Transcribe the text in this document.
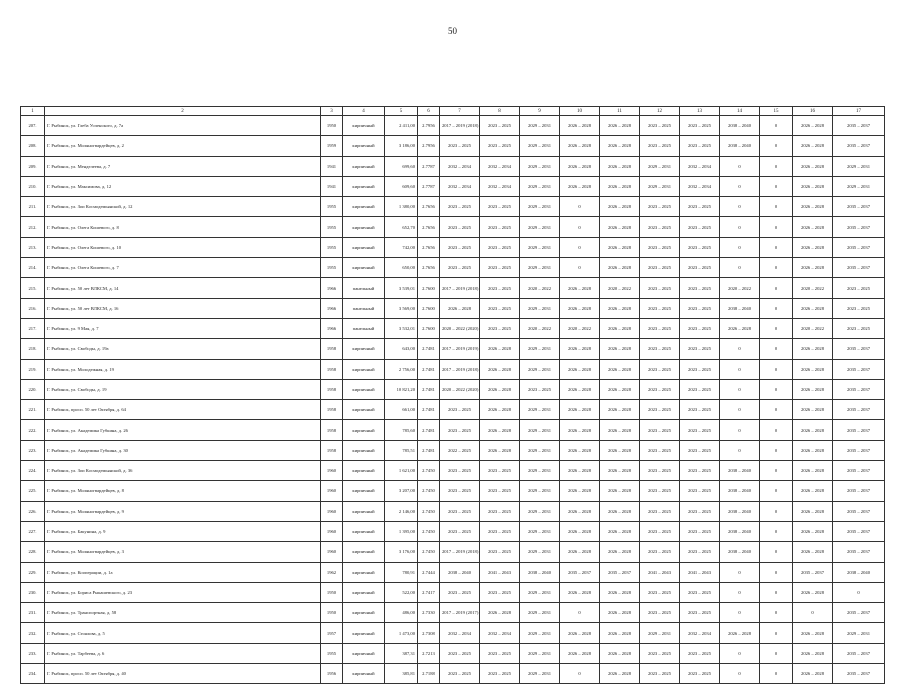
50
1	2	3	4	5	6	7	8	9	10	11	12	13	14	15	16	17
207.	Г. Рыбинск, ул. Глеба Успенского, д. 7а	1950	кирпичный	2 411,00	2.7956	2017 – 2019 (2018)	2023 – 2025	2029 – 2031	2026 – 2028	2026 – 2028	2023 – 2025	2023 – 2025	2038 – 2040	0	2026 – 2028	2035 – 2037
208.	Г. Рыбинск, ул. Моляногвардейцев, д. 2	1959	кирпичный	3 186,00	2.7956	2023 – 2025	2023 – 2025	2029 – 2031	2026 – 2028	2026 – 2028	2023 – 2025	2023 – 2025	2038 – 2040	0	2026 – 2028	2035 – 2037
209.	Г. Рыбинск, ул. Менделеева, д. 7	1941	кирпичный	699,60	2.7787	2032 – 2034	2032 – 2034	2029 – 2031	2026 – 2028	2026 – 2028	2029 – 2031	2032 – 2034	0	0	2026 – 2028	2029 – 2031
210.	Г. Рыбинск, ул. Максимова, д. 12	1941	кирпичный	609,60	2.7787	2032 – 2034	2032 – 2034	2029 – 2031	2026 – 2028	2026 – 2028	2029 – 2031	2032 – 2034	0	0	2026 – 2028	2029 – 2031
211.	Г. Рыбинск, ул. Зои Космодемьянской, д. 12	1955	кирпичный	1 380,00	2.7656	2023 – 2025	2023 – 2025	2029 – 2031	0	2026 – 2028	2023 – 2025	2023 – 2025	0	0	2026 – 2028	2035 – 2037
212.	Г. Рыбинск, ул. Олега Кошевого, д. 8	1955	кирпичный	652,70	2.7656	2023 – 2025	2023 – 2025	2029 – 2031	0	2026 – 2028	2023 – 2025	2023 – 2025	0	0	2026 – 2028	2035 – 2037
213.	Г. Рыбинск, ул. Олега Кошевого, д. 10	1955	кирпичный	742,00	2.7656	2023 – 2025	2023 – 2025	2029 – 2031	0	2026 – 2028	2023 – 2025	2023 – 2025	0	0	2026 – 2028	2035 – 2037
214.	Г. Рыбинск, ул. Олега Кошевого, д. 7	1955	кирпичный	650,00	2.7656	2023 – 2025	2023 – 2025	2029 – 2031	0	2026 – 2028	2023 – 2025	2023 – 2025	0	0	2026 – 2028	2035 – 2037
215.	Г. Рыбинск, ул. 50 лет ВЛКСМ, д. 14	1966	панельный	3 539,01	2.7600	2017 – 2019 (2018)	2023 – 2025	2020 – 2022	2026 – 2028	2020 – 2022	2023 – 2025	2023 – 2025	2020 – 2022	0	2020 – 2022	2023 – 2025
216.	Г. Рыбинск, ул. 50 лет ВЛКСМ, д. 16	1966	панельный	3 569,00	2.7600	2026 – 2028	2023 – 2025	2029 – 2031	2026 – 2028	2026 – 2028	2023 – 2025	2023 – 2025	2038 – 2040	0	2026 – 2028	2023 – 2025
217.	Г. Рыбинск, ул. 9 Мая, д. 7	1966	панельный	3 532,01	2.7600	2020 – 2022 (2020)	2023 – 2025	2020 – 2022	2020 – 2022	2026 – 2028	2023 – 2025	2023 – 2025	2026 – 2028	0	2020 – 2022	2023 – 2025
218.	Г. Рыбинск, ул. Свободы, д. 19а	1958	кирпичный	643,00	2.7481	2017 – 2019 (2019)	2026 – 2028	2029 – 2031	2026 – 2028	2026 – 2028	2023 – 2025	2023 – 2025	0	0	2026 – 2028	2035 – 2037
219.	Г. Рыбинск, ул. Молодежная, д. 19	1958	кирпичный	2 756,00	2.7481	2017 – 2019 (2018)	2026 – 2028	2029 – 2031	2026 – 2028	2026 – 2028	2023 – 2025	2023 – 2025	0	0	2026 – 2028	2035 – 2037
220.	Г. Рыбинск, ул. Свободы, д. 19	1958	кирпичный	10 821,20	2.7481	2020 – 2022 (2020)	2026 – 2028	2023 – 2025	2026 – 2028	2026 – 2028	2023 – 2025	2023 – 2025	0	0	2026 – 2028	2035 – 2037
221.	Г. Рыбинск, просп. 50 лет Октября, д. 64	1958	кирпичный	661,00	2.7481	2023 – 2025	2026 – 2028	2029 – 2031	2026 – 2028	2026 – 2028	2023 – 2025	2023 – 2025	0	0	2026 – 2028	2035 – 2037
222.	Г. Рыбинск, ул. Академика Губкина, д. 26	1958	кирпичный	785,60	2.7481	2023 – 2025	2026 – 2028	2029 – 2031	2026 – 2028	2026 – 2028	2023 – 2025	2023 – 2025	0	0	2026 – 2028	2035 – 2037
223.	Г. Рыбинск, ул. Академика Губкина, д. 30	1958	кирпичный	785,51	2.7481	2022 – 2025	2026 – 2028	2029 – 2031	2026 – 2028	2026 – 2028	2023 – 2025	2023 – 2025	0	0	2026 – 2028	2035 – 2037
224.	Г. Рыбинск, ул. Зои Космодемьянской, д. 36	1960	кирпичный	1 621,00	2.7450	2023 – 2025	2023 – 2025	2029 – 2031	2026 – 2028	2026 – 2028	2023 – 2025	2023 – 2025	2038 – 2040	0	2026 – 2028	2035 – 2037
225.	Г. Рыбинск, ул. Моляногвардейцев, д. 8	1960	кирпичный	3 207,00	2.7450	2023 – 2025	2023 – 2025	2029 – 2031	2026 – 2028	2026 – 2028	2023 – 2025	2023 – 2025	2038 – 2040	0	2026 – 2028	2035 – 2037
226.	Г. Рыбинск, ул. Моляногвардейцев, д. 9	1960	кирпичный	2 146,00	2.7450	2023 – 2025	2023 – 2025	2029 – 2031	2026 – 2028	2026 – 2028	2023 – 2025	2023 – 2025	2038 – 2040	0	2026 – 2028	2035 – 2037
227.	Г. Рыбинск, ул. Бакунина, д. 9	1960	кирпичный	1 395,00	2.7450	2023 – 2025	2023 – 2025	2029 – 2031	2026 – 2028	2026 – 2028	2023 – 2025	2023 – 2025	2038 – 2040	0	2026 – 2028	2035 – 2037
228.	Г. Рыбинск, ул. Моляногвардейцев, д. 3	1960	кирпичный	3 176,00	2.7450	2017 – 2019 (2018)	2023 – 2025	2029 – 2031	2026 – 2028	2026 – 2028	2023 – 2025	2023 – 2025	2038 – 2040	0	2026 – 2028	2035 – 2037
229.	Г. Рыбинск, ул. Кооперации, д. 1а	1962	кирпичный	780,91	2.7444	2038 – 2040	2041 – 2043	2038 – 2040	2035 – 2037	2035 – 2037	2041 – 2043	2041 – 2043	0	0	2035 – 2037	2038 – 2040
230.	Г. Рыбинск, ул. Бориса Рыкашевского, д. 23	1950	кирпичный	522,00	2.7417	2023 – 2025	2023 – 2025	2029 – 2031	2026 – 2028	2026 – 2028	2023 – 2025	2023 – 2025	0	0	2026 – 2028	0
231.	Г. Рыбинск, ул. Транспортная, д. 58	1950	кирпичный	486,00	2.7330	2017 – 2019 (2017)	2026 – 2028	2029 – 2031	0	2026 – 2028	2023 – 2025	2023 – 2025	0	0	0	2035 – 2037
232.	Г. Рыбинск, ул. Стоялова, д. 5	1957	кирпичный	1 473,00	2.7308	2032 – 2034	2032 – 2034	2029 – 2031	2026 – 2028	2026 – 2028	2029 – 2031	2032 – 2034	2026 – 2028	0	2026 – 2028	2029 – 2031
233.	Г. Рыбинск, ул. Тарбеева, д. 6	1955	кирпичный	387,31	2.7213	2023 – 2025	2023 – 2025	2029 – 2031	2026 – 2028	2026 – 2028	2023 – 2025	2023 – 2025	0	0	2026 – 2028	2035 – 2037
234.	Г. Рыбинск, просп. 50 лет Октября, д. 40	1956	кирпичный	385,81	2.7188	2023 – 2025	2023 – 2025	2029 – 2031	0	2026 – 2028	2023 – 2025	2023 – 2025	0	0	2026 – 2028	2035 – 2037
